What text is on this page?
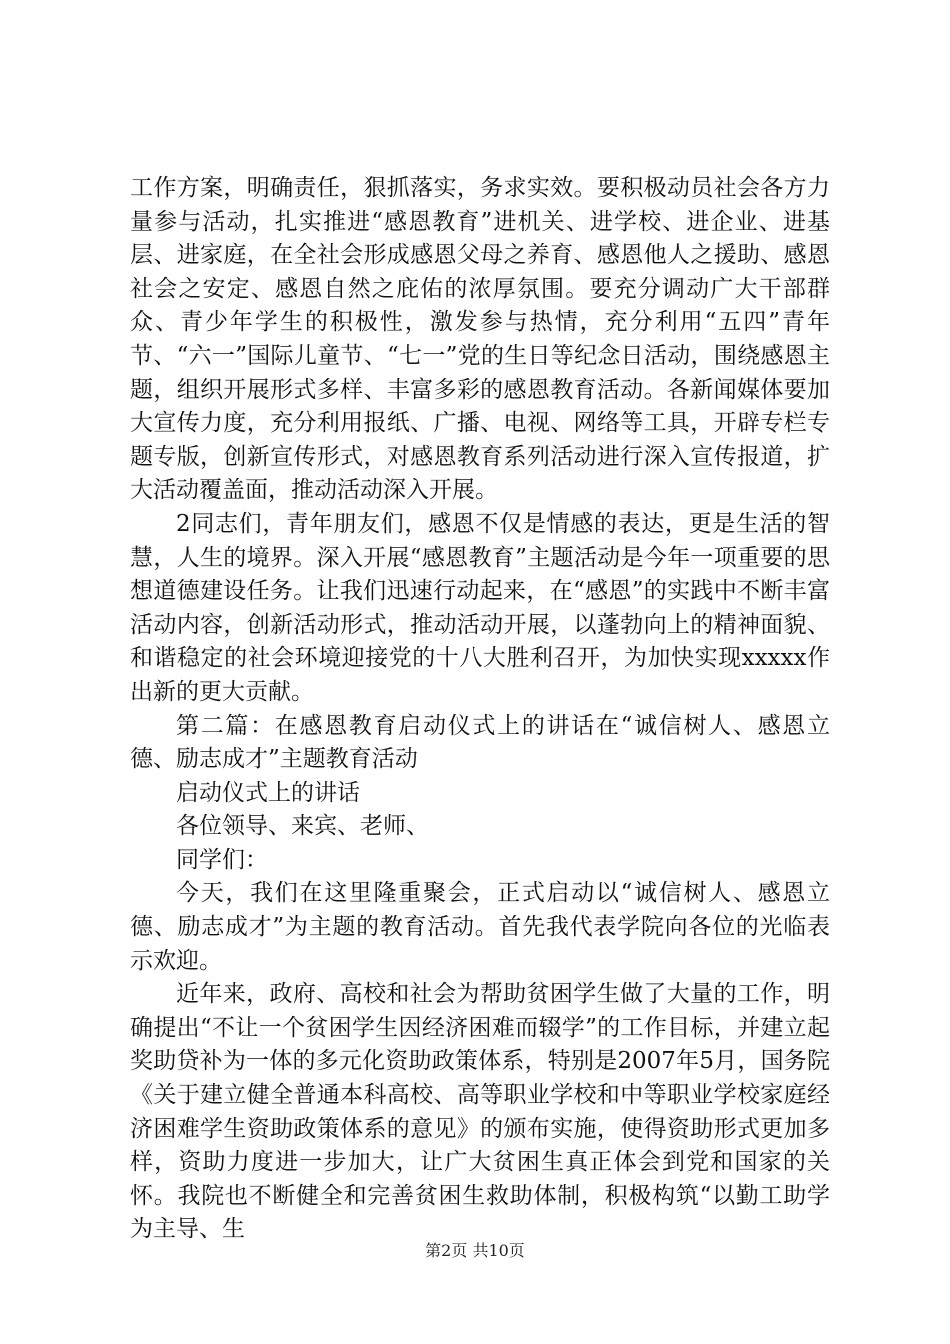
工作方案，明确责任，狠抓落实，务求实效。要积极动员社会各方力量参与活动，扎实推进“感恩教育”进机关、进学校、进企业、进基层、进家庭，在全社会形成感恩父母之养育、感恩他人之援助、感恩社会之安定、感恩自然之庇佑的浓厚氛围。要充分调动广大干部群众、青少年学生的积极性，激发参与热情，充分利用“五四”青年节、“六一”国际儿童节、“七一”党的生日等纪念日活动，围绕感恩主题，组织开展形式多样、丰富多彩的感恩教育活动。各新闻媒体要加大宣传力度，充分利用报纸、广播、电视、网络等工具，开辟专栏专题专版，创新宣传形式，对感恩教育系列活动进行深入宣传报道，扩大活动覆盖面，推动活动深入开展。

2同志们，青年朋友们，感恩不仅是情感的表达，更是生活的智慧，人生的境界。深入开展“感恩教育”主题活动是今年一项重要的思想道德建设任务。让我们迅速行动起来，在“感恩”的实践中不断丰富活动内容，创新活动形式，推动活动开展，以蓬勃向上的精神面貌、和谐稳定的社会环境迎接党的十八大胜利召开，为加快实现xxxxx作出新的更大贡献。

第二篇：在感恩教育启动仪式上的讲话在“诚信树人、感恩立德、励志成才”主题教育活动

启动仪式上的讲话

各位领导、来宾、老师、

同学们：

今天，我们在这里隆重聚会，正式启动以“诚信树人、感恩立德、励志成才”为主题的教育活动。首先我代表学院向各位的光临表示欢迎。

近年来，政府、高校和社会为帮助贫困学生做了大量的工作，明确提出“不让一个贫困学生因经济困难而辍学”的工作目标，并建立起奖助贷补为一体的多元化资助政策体系，特别是2007年5月，国务院《关于建立健全普通本科高校、高等职业学校和中等职业学校家庭经济困难学生资助政策体系的意见》的颁布实施，使得资助形式更加多样，资助力度进一步加大，让广大贫困生真正体会到党和国家的关怀。我院也不断健全和完善贫困生救助体制，积极构筑“以勤工助学为主导、生

第2页 共10页
